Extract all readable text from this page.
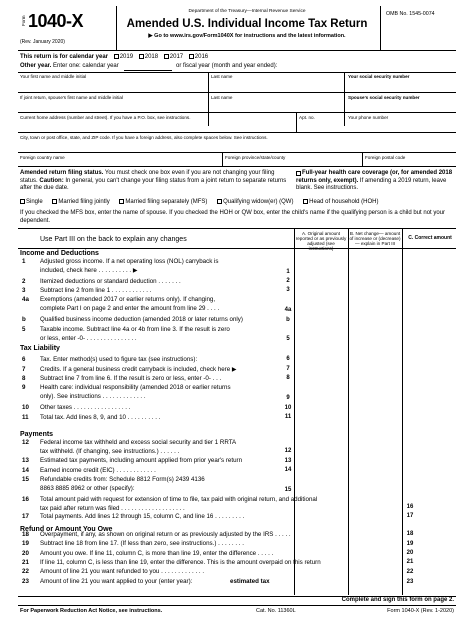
Form 1040-X
(Rev. January 2020)
Department of the Treasury—Internal Revenue Service
Amended U.S. Individual Income Tax Return
▶ Go to www.irs.gov/Form1040X for instructions and the latest information.
OMB No. 1545-0074
This return is for calendar year 2019 2018 2017 2016
Other year. Enter one: calendar year	or fiscal year (month and year ended):
Your first name and middle initial	Last name	Your social security number
If joint return, spouse's first name and middle initial	Last name	Spouse's social security number
Current home address (number and street). If you have a P.O. box, see instructions.	Apt. no.	Your phone number
City, town or post office, state, and ZIP code. If you have a foreign address, also complete spaces below. See instructions.
Foreign country name	Foreign province/state/county	Foreign postal code
Amended return filing status. You must check one box even if you are not changing your filing status. Caution: In general, you can't change your filing status from a joint return to separate returns after the due date.
Full-year health care coverage (or, for amended 2018 returns only, exempt). If amending a 2019 return, leave blank. See instructions.
Single	Married filing jointly	Married filing separately (MFS)	Qualifying widow(er) (QW)	Head of household (HOH)
If you checked the MFS box, enter the name of spouse. If you checked the HOH or QW box, enter the child's name if the qualifying person is a child but not your dependent.
Use Part III on the back to explain any changes
A. Original amount reported or as previously adjusted (see instructions)
B. Net change— amount of increase or (decrease)— explain in Part III
C. Correct amount
Income and Deductions
Tax Liability
Payments
Refund or Amount You Owe
1 Adjusted gross income. If a net operating loss (NOL) carryback is
included, check here . . . . . . . . . . ▶	1
2 Itemized deductions or standard deduction . . . . . . .	2
3 Subtract line 2 from line 1 . . . . . . . . . . . .	3
4a Exemptions (amended 2017 or earlier returns only). If changing,
complete Part I on page 2 and enter the amount from line 29 . . . .	4a
b Qualified business income deduction (amended 2018 or later returns only)	b
5 Taxable income. Subtract line 4a or 4b from line 3. If the result is zero
or less, enter -0- . . . . . . . . . . . . . . .	5
6 Tax. Enter method(s) used to figure tax (see instructions):	6
7 Credits. If a general business credit carryback is included, check here ▶	7
8 Subtract line 7 from line 6. If the result is zero or less, enter -0- . . .	8
9 Health care: individual responsibility (amended 2018 or earlier returns
only). See instructions . . . . . . . . . . . . .	9
10 Other taxes . . . . . . . . . . . . . . . . .	10
11 Total tax. Add lines 8, 9, and 10 . . . . . . . . . .	11
12 Federal income tax withheld and excess social security and tier 1 RRTA
tax withheld. (If changing, see instructions.) . . . . . .	12
13 Estimated tax payments, including amount applied from prior year's return	13
14 Earned income credit (EIC) . . . . . . . . . . . .	14
15 Refundable credits from: Schedule 8812 Form(s) 2439 4136
8863 8885 8962 or other (specify):	15
16 Total amount paid with request for extension of time to file, tax paid with original return, and additional
tax paid after return was filed . . . . . . . . . . . . . . . . . . .	16
17 Total payments. Add lines 12 through 15, column C, and line 16 . . . . . . . . .	17
18 Overpayment, if any, as shown on original return or as previously adjusted by the IRS . . . . .	18
19 Subtract line 18 from line 17. (If less than zero, see instructions.) . . . . . . . .	19
20 Amount you owe. If line 11, column C, is more than line 19, enter the difference . . . . .	20
21 If line 11, column C, is less than line 19, enter the difference. This is the amount overpaid on this return	21
22 Amount of line 21 you want refunded to you . . . . . . . . . . . . .	22
23 Amount of line 21 you want applied to your (enter year):	estimated tax	23
Complete and sign this form on page 2.
For Paperwork Reduction Act Notice, see instructions.	Cat. No. 11360L	Form 1040-X (Rev. 1-2020)
